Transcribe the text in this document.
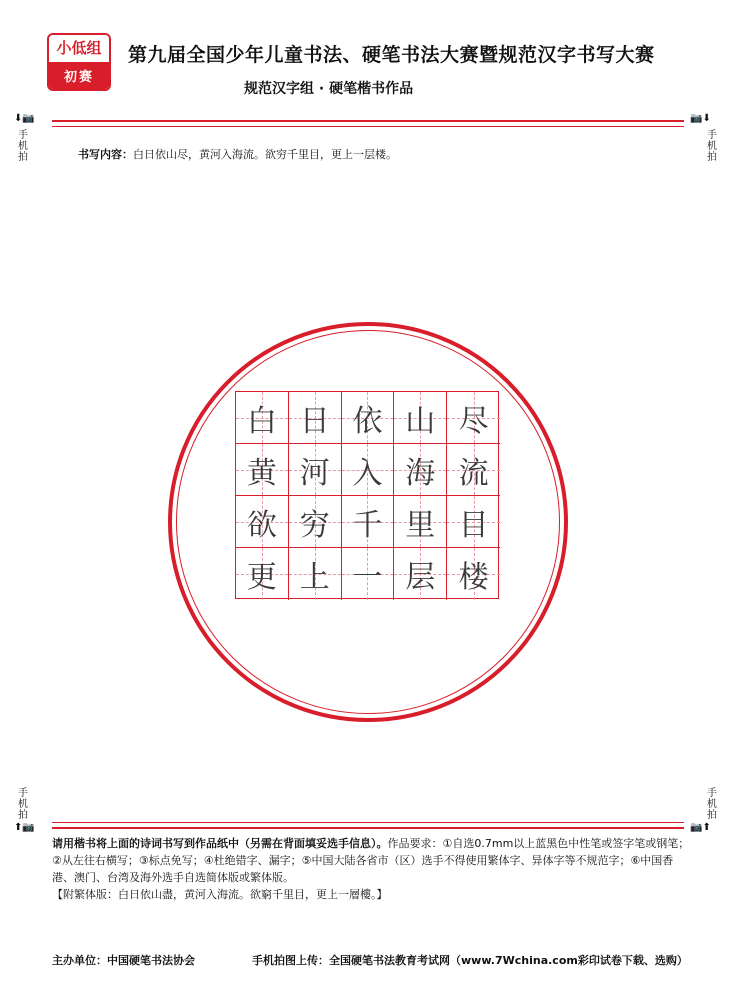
小低组
初赛
第九届全国少年儿童书法、硬笔书法大赛暨规范汉字书写大赛
规范汉字组 · 硬笔楷书作品
⬇📷
手机拍
📷⬇
手机拍
书写内容：白日依山尽，黄河入海流。欲穷千里目，更上一层楼。
白 日 依 山 尽
黄 河 入 海 流
欲 穷 千 里 目
更 上 一 层 楼
手机拍
⬆📷
手机拍
📷⬆
请用楷书将上面的诗词书写到作品纸中（另需在背面填妥选手信息）。作品要求：①自选0.7mm以上蓝黑色中性笔或签字笔或钢笔；②从左往右横写；③标点免写；④杜绝错字、漏字；⑤中国大陆各省市（区）选手不得使用繁体字、异体字等不规范字；⑥中国香港、澳门、台湾及海外选手自选简体版或繁体版。
【附繁体版：白日依山盡，黄河入海流。欲窮千里目，更上一層樓。】
主办单位：中国硬笔书法协会	手机拍图上传：全国硬笔书法教育考试网（www.7Wchina.com彩印试卷下载、选购）
